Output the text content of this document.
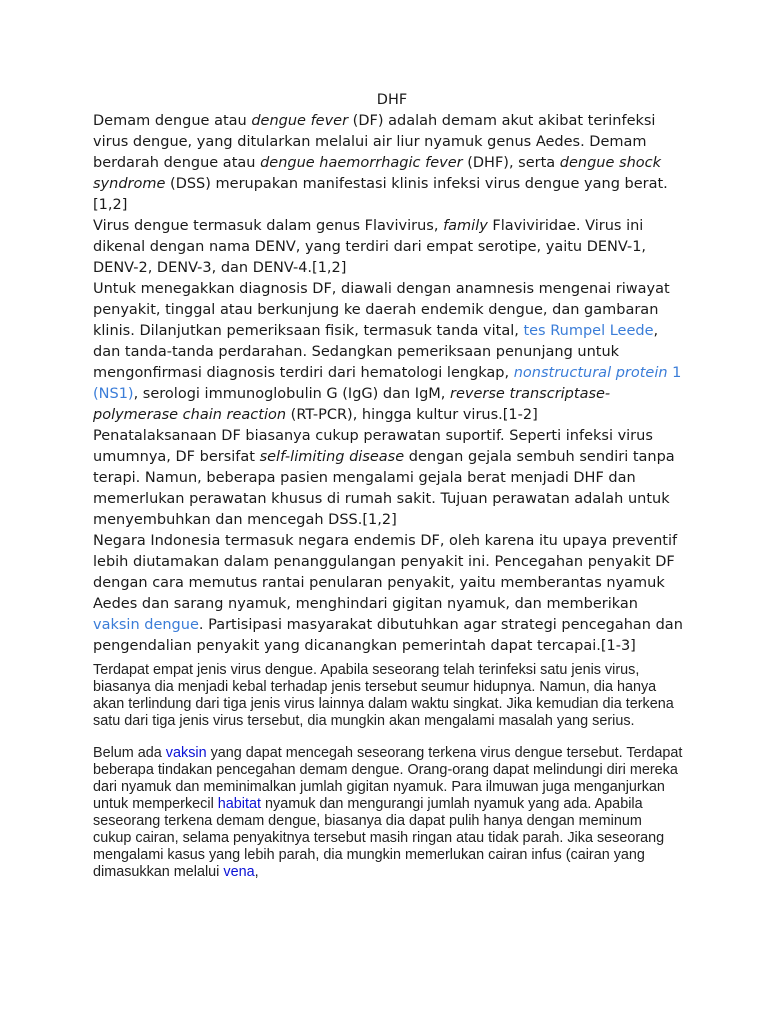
DHF

Demam dengue atau dengue fever (DF) adalah demam akut akibat terinfeksi virus dengue, yang ditularkan melalui air liur nyamuk genus Aedes. Demam berdarah dengue atau dengue haemorrhagic fever (DHF), serta dengue shock syndrome (DSS) merupakan manifestasi klinis infeksi virus dengue yang berat.[1,2]

Virus dengue termasuk dalam genus Flavivirus, family Flaviviridae. Virus ini dikenal dengan nama DENV, yang terdiri dari empat serotipe, yaitu DENV-1, DENV-2, DENV-3, dan DENV-4.[1,2]

Untuk menegakkan diagnosis DF, diawali dengan anamnesis mengenai riwayat penyakit, tinggal atau berkunjung ke daerah endemik dengue, dan gambaran klinis. Dilanjutkan pemeriksaan fisik, termasuk tanda vital, tes Rumpel Leede, dan tanda-tanda perdarahan. Sedangkan pemeriksaan penunjang untuk mengonfirmasi diagnosis terdiri dari hematologi lengkap, nonstructural protein 1 (NS1), serologi immunoglobulin G (IgG) dan IgM, reverse transcriptase-polymerase chain reaction (RT-PCR), hingga kultur virus.[1-2]

Penatalaksanaan DF biasanya cukup perawatan suportif. Seperti infeksi virus umumnya, DF bersifat self-limiting disease dengan gejala sembuh sendiri tanpa terapi. Namun, beberapa pasien mengalami gejala berat menjadi DHF dan memerlukan perawatan khusus di rumah sakit. Tujuan perawatan adalah untuk menyembuhkan dan mencegah DSS.[1,2]

Negara Indonesia termasuk negara endemis DF, oleh karena itu upaya preventif lebih diutamakan dalam penanggulangan penyakit ini. Pencegahan penyakit DF dengan cara memutus rantai penularan penyakit, yaitu memberantas nyamuk Aedes dan sarang nyamuk, menghindari gigitan nyamuk, dan memberikan vaksin dengue. Partisipasi masyarakat dibutuhkan agar strategi pencegahan dan pengendalian penyakit yang dicanangkan pemerintah dapat tercapai.[1-3]

Terdapat empat jenis virus dengue. Apabila seseorang telah terinfeksi satu jenis virus, biasanya dia menjadi kebal terhadap jenis tersebut seumur hidupnya. Namun, dia hanya akan terlindung dari tiga jenis virus lainnya dalam waktu singkat. Jika kemudian dia terkena satu dari tiga jenis virus tersebut, dia mungkin akan mengalami masalah yang serius.

Belum ada vaksin yang dapat mencegah seseorang terkena virus dengue tersebut. Terdapat beberapa tindakan pencegahan demam dengue. Orang-orang dapat melindungi diri mereka dari nyamuk dan meminimalkan jumlah gigitan nyamuk. Para ilmuwan juga menganjurkan untuk memperkecil habitat nyamuk dan mengurangi jumlah nyamuk yang ada. Apabila seseorang terkena demam dengue, biasanya dia dapat pulih hanya dengan meminum cukup cairan, selama penyakitnya tersebut masih ringan atau tidak parah. Jika seseorang mengalami kasus yang lebih parah, dia mungkin memerlukan cairan infus (cairan yang dimasukkan melalui vena,
